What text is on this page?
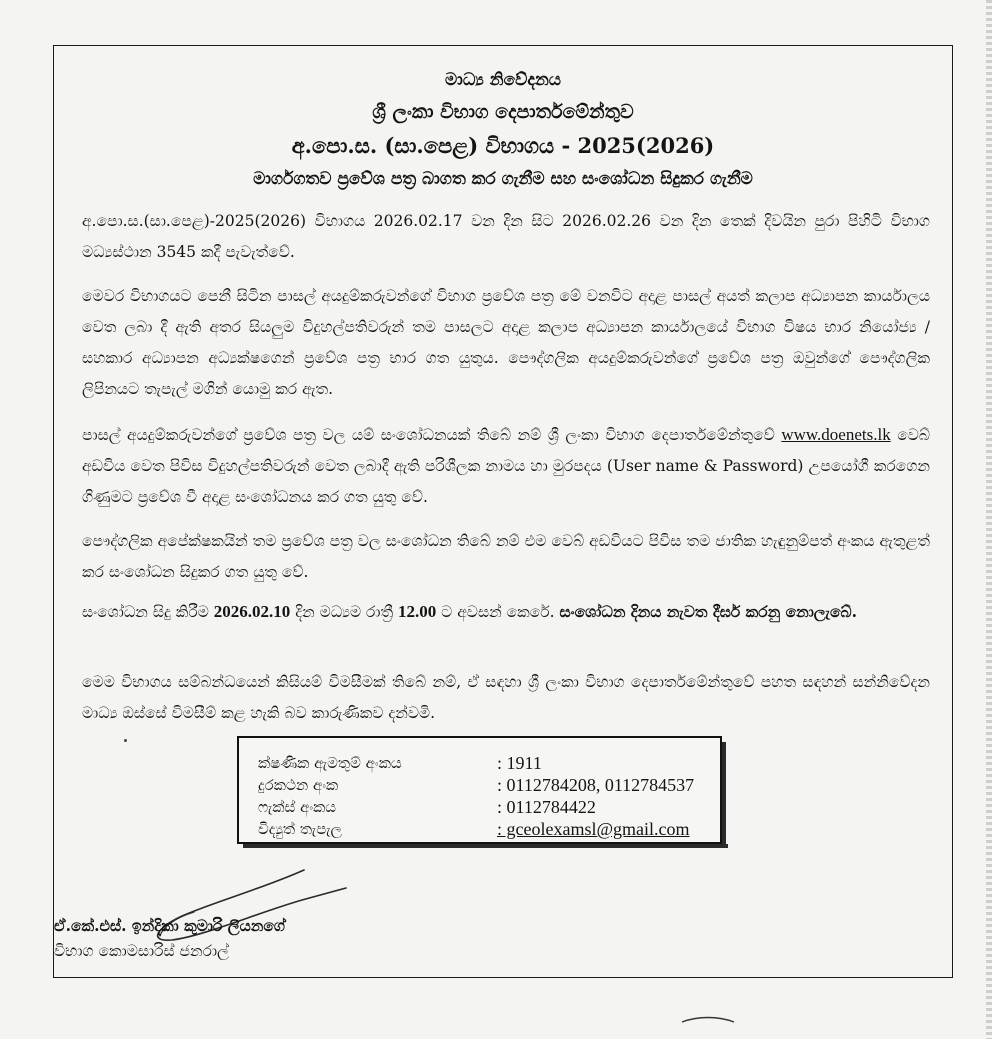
මාධ්‍ය නිවේදනය
ශ්‍රී ලංකා විභාග දෙපාර්තමේන්තුව
අ.පො.ස. (සා.පෙළ) විභාගය - 2025(2026)
මාර්ගගතව ප්‍රවේශ පත්‍ර බාගත කර ගැනීම සහ සංශෝධන සිදුකර ගැනීම
අ.පො.ස.(සා.පෙළ)-2025(2026) විභාගය 2026.02.17 වන දින සිට 2026.02.26 වන දින තෙක් දිවයින පුරා පිහිටි විභාග මධ්‍යස්ථාන 3545 කදී පැවැත්වේ.
මෙවර විභාගයට පෙනී සිටින පාසල් අයදුම්කරුවන්ගේ විභාග ප්‍රවේශ පත්‍ර මේ වනවිට අදාළ පාසල් අයත් කලාප අධ්‍යාපන කාර්යාලය වෙත ලබා දී ඇති අතර සියලුම විදුහල්පතිවරුන් තම පාසලට අදාළ කලාප අධ්‍යාපන කාර්යාලයේ විභාග විෂය භාර නියෝජ්‍ය / සහකාර අධ්‍යාපන අධ්‍යක්ෂගෙන් ප්‍රවේශ පත්‍ර භාර ගත යුතුය. පෞද්ගලික අයදුම්කරුවන්ගේ ප්‍රවේශ පත්‍ර ඔවුන්ගේ පෞද්ගලික ලිපිනයට තැපැල් මගින් යොමු කර ඇත.
පාසල් අයදුම්කරුවන්ගේ ප්‍රවේශ පත්‍ර වල යම් සංශෝධනයක් තිබේ නම් ශ්‍රී ලංකා විභාග දෙපාර්තමේන්තුවේ www.doenets.lk වෙබ් අඩවිය වෙත පිවිස විදුහල්පතිවරුන් වෙත ලබාදී ඇති පරිශීලක නාමය හා මුරපදය (User name & Password) උපයෝගී කරගෙන ගිණුමට ප්‍රවේශ වී අදාළ සංශෝධනය කර ගත යුතු වේ.
පෞද්ගලික අපේක්ෂකයින් තම ප්‍රවේශ පත්‍ර වල සංශෝධන තිබේ නම් එම වෙබ් අඩවියට පිවිස තම ජාතික හැඳුනුම්පත් අංකය ඇතුළත් කර සංශෝධන සිදුකර ගත යුතු වේ.
සංශෝධන සිදු කිරීම 2026.02.10 දින මධ්‍යම රාත්‍රී 12.00 ට අවසන් කෙරේ. සංශෝධන දිනය නැවත දීර්ඝ කරනු නොලැබේ.
මෙම විභාගය සම්බන්ධයෙන් කිසියම් විමසීමක් තිබේ නම්, ඒ සඳහා ශ්‍රී ලංකා විභාග දෙපාර්තමේන්තුවේ පහත සඳහන් සන්නිවේදන මාධ්‍ය ඔස්සේ විමසීම් කළ හැකි බව කාරුණිකව දන්වමි.
ක්ෂණික ඇමතුම් අංකය	: 1911
දුරකථන අංක	: 0112784208, 0112784537
ෆැක්ස් අංකය	: 0112784422
විද්‍යුත් තැපැල	: gceolexamsl@gmail.com
ඒ.කේ.එස්. ඉන්දිකා කුමාරි ලියනගේ
විභාග කොමසාරිස් ජනරාල්
